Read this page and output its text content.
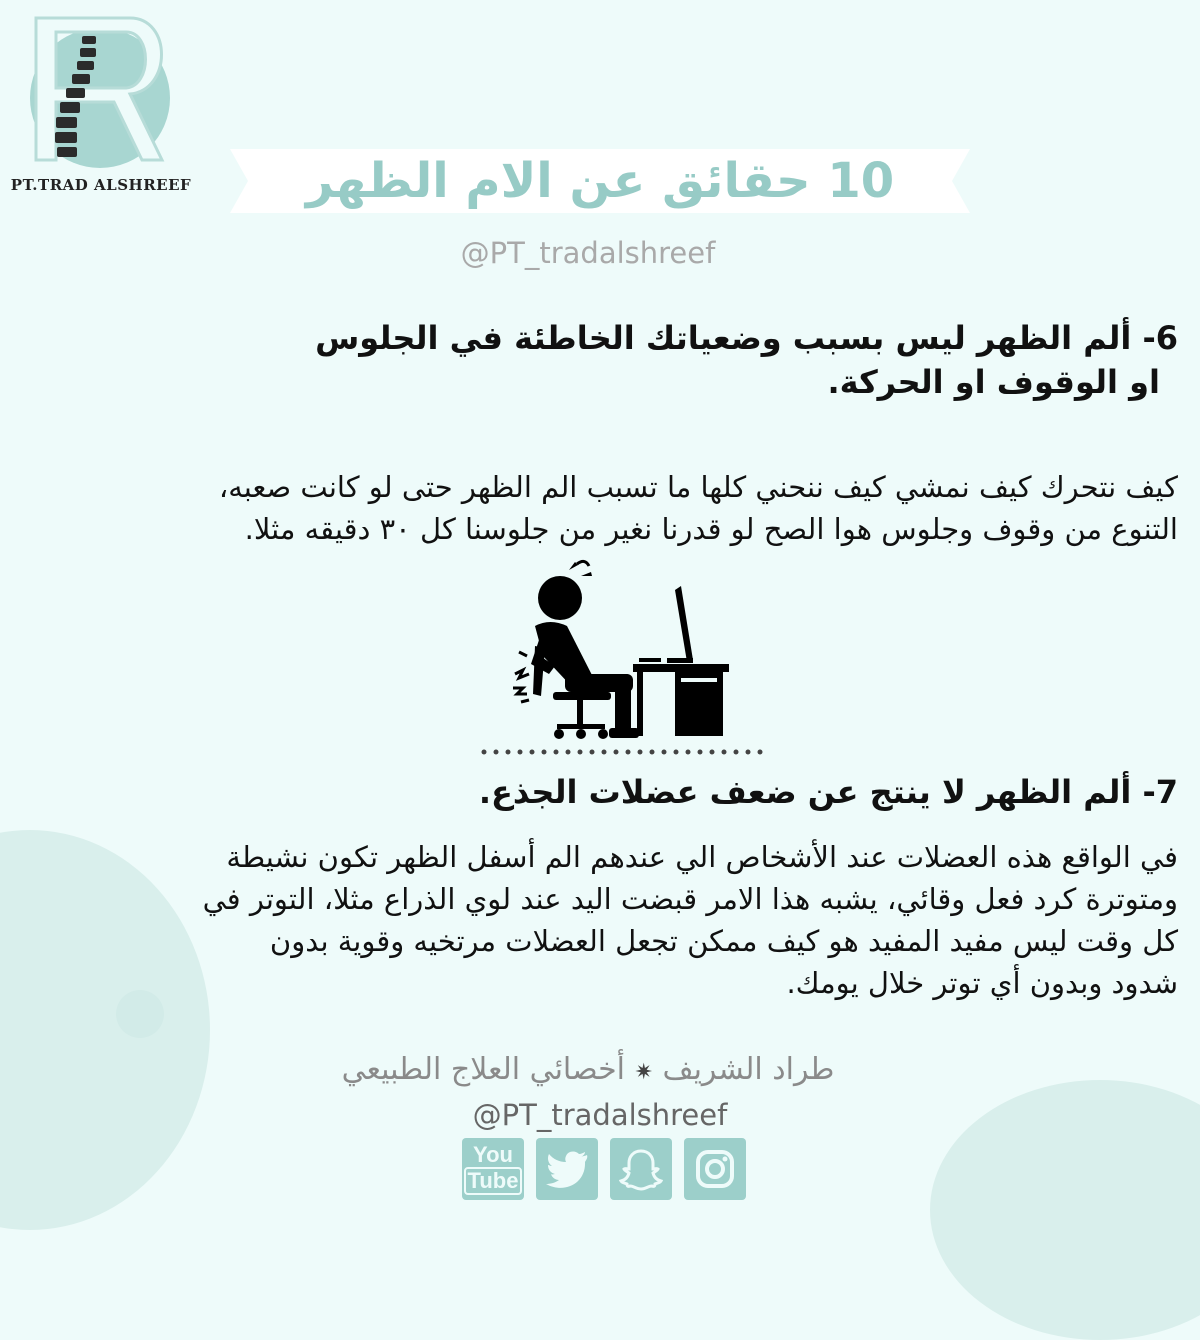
PT.TRAD ALSHREEF	10 حقائق عن الام الظهر
@PT_tradalshreef
6- ألم الظهر ليس بسبب وضعياتك الخاطئة في الجلوس
او الوقوف او الحركة.
كيف نتحرك كيف نمشي كيف ننحني كلها ما تسبب الم الظهر حتى لو كانت صعبه،
التنوع من وقوف وجلوس هوا الصح لو قدرنا نغير من جلوسنا كل ٣٠ دقيقه مثلا.
7- ألم الظهر لا ينتج عن ضعف عضلات الجذع.
في الواقع هذه العضلات عند الأشخاص الي عندهم الم أسفل الظهر تكون نشيطة
ومتوترة كرد فعل وقائي، يشبه هذا الامر قبضت اليد عند لوي الذراع مثلا، التوتر في
كل وقت ليس مفيد المفيد هو كيف ممكن تجعل العضلات مرتخيه وقوية بدون
شدود وبدون أي توتر خلال يومك.
طراد الشريف ✷ أخصائي العلاج الطبيعي
@PT_tradalshreef
You
Tube
